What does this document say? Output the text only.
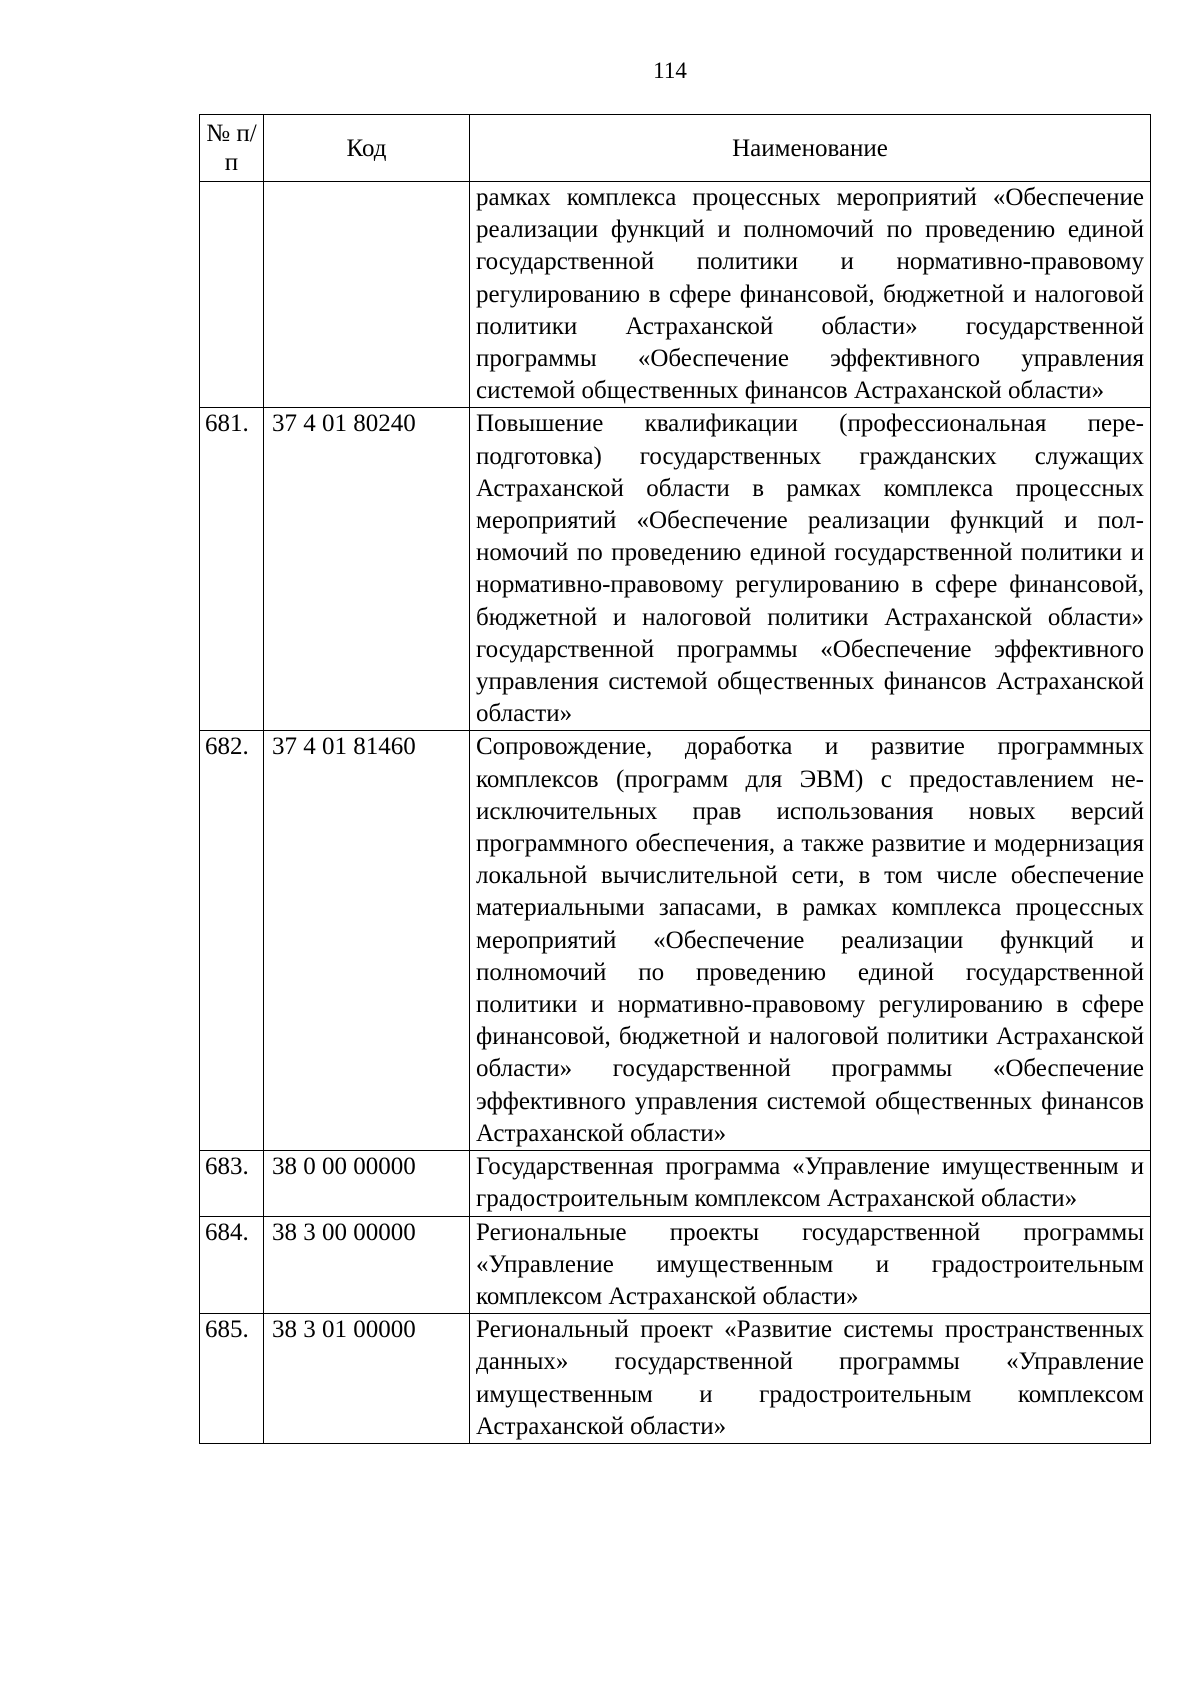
114
№ п/п	Код	Наименование
		рамках комплекса процессных мероприятий «Обеспечение реализации функций и полномочий по проведению единой государственной политики и нормативно-правовому регулированию в сфере финансовой, бюджетной и налоговой политики Астраханской области» государственной программы «Обеспечение эффективного управления системой общественных финансов Астраханской области»
681.	37 4 01 80240	Повышение квалификации (профессиональная переподготовка) государственных гражданских служащих Астраханской области в рамках комплекса процессных мероприятий «Обеспечение реализации функций и полномочий по проведению единой государственной политики и нормативно-правовому регулированию в сфере финансовой, бюджетной и налоговой политики Астраханской области» государственной программы «Обеспечение эффективного управления системой общественных финансов Астраханской области»
682.	37 4 01 81460	Сопровождение, доработка и развитие программных комплексов (программ для ЭВМ) с предоставлением неисключительных прав использования новых версий программного обеспечения, а также развитие и модернизация локальной вычислительной сети, в том числе обеспечение материальными запасами, в рамках комплекса процессных мероприятий «Обеспечение реализации функций и полномочий по проведению единой государственной политики и нормативно-правовому регулированию в сфере финансовой, бюджетной и налоговой политики Астраханской области» государственной программы «Обеспечение эффективного управления системой общественных финансов Астраханской области»
683.	38 0 00 00000	Государственная программа «Управление имущественным и градостроительным комплексом Астраханской области»
684.	38 3 00 00000	Региональные проекты государственной программы «Управление имущественным и градостроительным комплексом Астраханской области»
685.	38 3 01 00000	Региональный проект «Развитие системы пространственных данных» государственной программы «Управление имущественным и градостроительным комплексом Астраханской области»
